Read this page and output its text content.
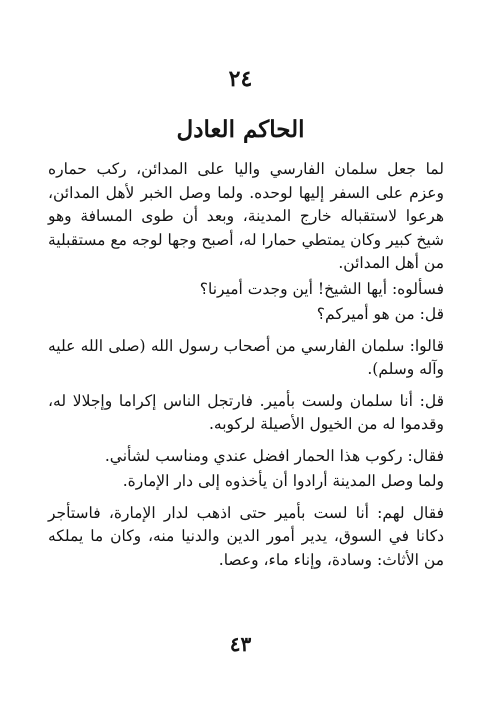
٢٤
الحاكم العادل

لما جعل سلمان الفارسي واليا على المدائن، ركب حماره وعزم على السفر إليها لوحده. ولما وصل الخبر لأهل المدائن، هرعوا لاستقباله خارج المدينة، وبعد أن طوى المسافة وهو شيخ كبير وكان يمتطي حمارا له، أصبح وجها لوجه مع مستقبلية من أهل المدائن.

فسألوه: أيها الشيخ! أين وجدت أميرنا؟

قل: من هو أميركم؟

قالوا: سلمان الفارسي من أصحاب رسول الله (صلى الله عليه وآله وسلم).

قل: أنا سلمان ولست بأمير. فارتجل الناس إكراما وإجلالا له، وقدموا له من الخيول الأصيلة لركوبه.

فقال: ركوب هذا الحمار افضل عندي ومناسب لشأني.

ولما وصل المدينة أرادوا أن يأخذوه إلى دار الإمارة.

فقال لهم: أنا لست بأمير حتى اذهب لدار الإمارة، فاستأجر دكانا في السوق، يدير أمور الدين والدنيا منه، وكان ما يملكه من الأثاث: وسادة، وإناء ماء، وعصا.

٤٣
